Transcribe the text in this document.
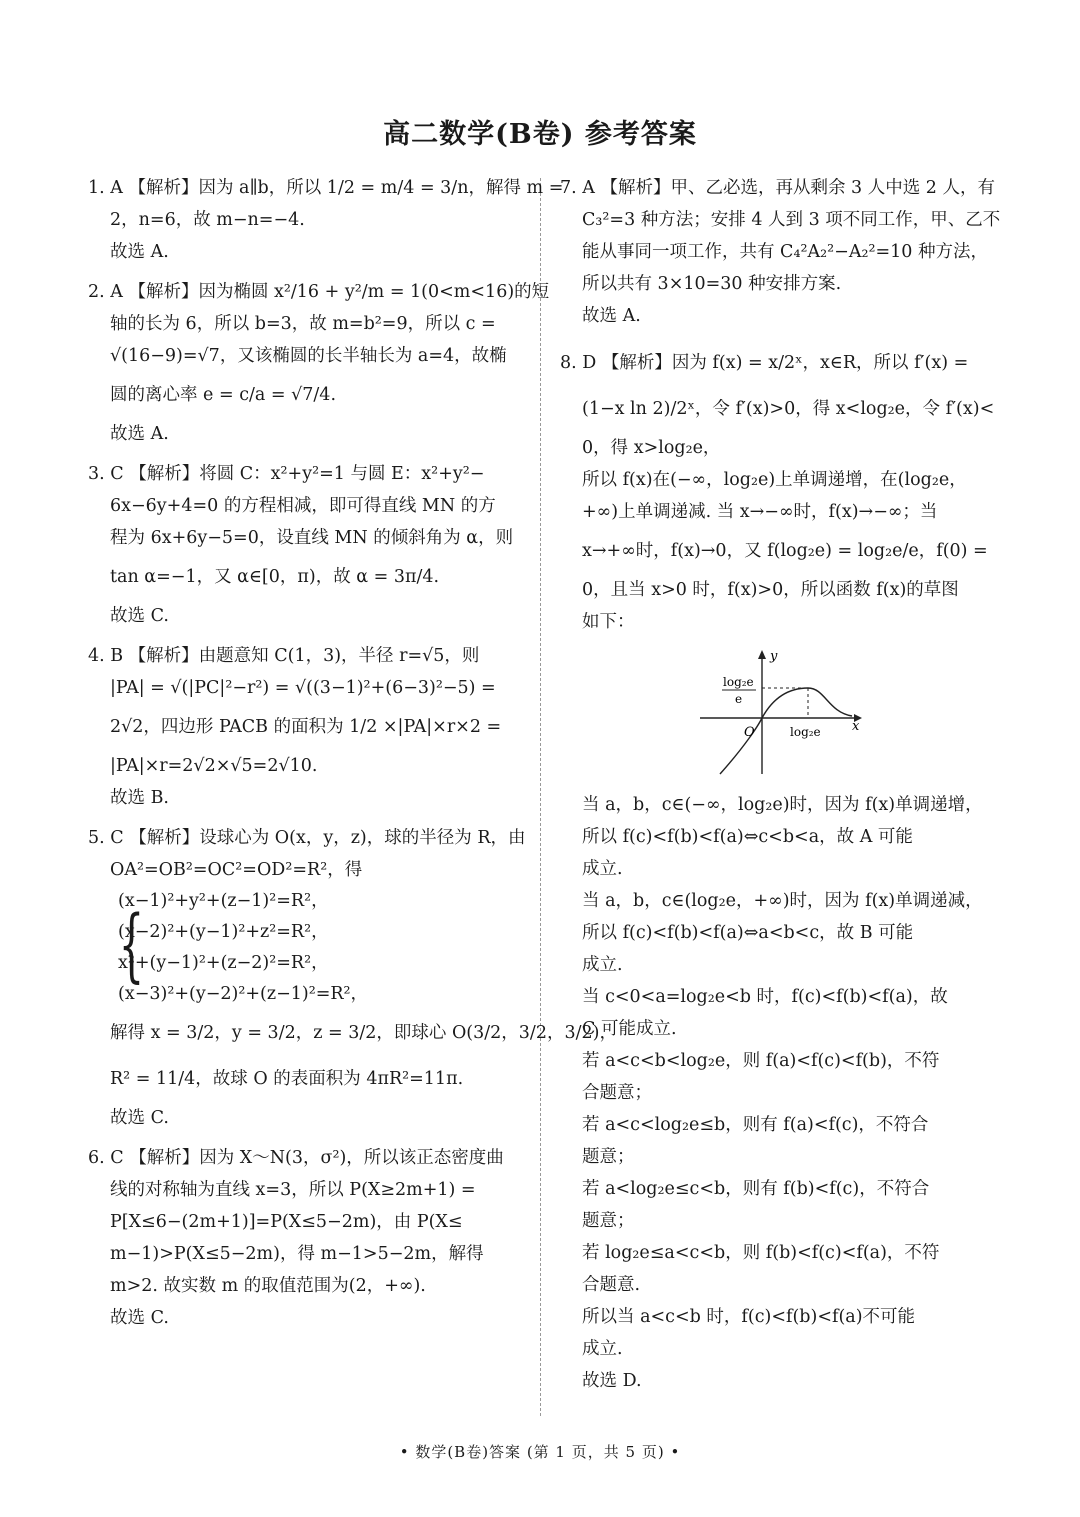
高二数学(B卷) 参考答案

1. A 【解析】因为 a∥b，所以 1/2 = m/4 = 3/n，解得 m =

2，n=6，故 m−n=−4.

故选 A.

2. A 【解析】因为椭圆 x²/16 + y²/m = 1(0<m<16)的短

轴的长为 6，所以 b=3，故 m=b²=9，所以 c =

√(16−9)=√7，又该椭圆的长半轴长为 a=4，故椭

圆的离心率 e = c/a = √7/4.

故选 A.

3. C 【解析】将圆 C：x²+y²=1 与圆 E：x²+y²−

6x−6y+4=0 的方程相减，即可得直线 MN 的方

程为 6x+6y−5=0，设直线 MN 的倾斜角为 α，则

tan α=−1，又 α∈[0，π)，故 α = 3π/4.

故选 C.

4. B 【解析】由题意知 C(1，3)，半径 r=√5，则

|PA| = √(|PC|²−r²) = √((3−1)²+(6−3)²−5) =

2√2，四边形 PACB 的面积为 1/2 ×|PA|×r×2 =

|PA|×r=2√2×√5=2√10.

故选 B.

5. C 【解析】设球心为 O(x，y，z)，球的半径为 R，由

OA²=OB²=OC²=OD²=R²，得

{

(x−1)²+y²+(z−1)²=R²，

(x−2)²+(y−1)²+z²=R²，

x²+(y−1)²+(z−2)²=R²，

(x−3)²+(y−2)²+(z−1)²=R²，

解得 x = 3/2，y = 3/2，z = 3/2，即球心 O(3/2，3/2，3/2)，

R² = 11/4，故球 O 的表面积为 4πR²=11π.

故选 C.

6. C 【解析】因为 X～N(3，σ²)，所以该正态密度曲

线的对称轴为直线 x=3，所以 P(X≥2m+1) =

P[X≤6−(2m+1)]=P(X≤5−2m)，由 P(X≤

m−1)>P(X≤5−2m)，得 m−1>5−2m，解得

m>2. 故实数 m 的取值范围为(2，+∞).

故选 C.

7. A 【解析】甲、乙必选，再从剩余 3 人中选 2 人，有

C₃²=3 种方法；安排 4 人到 3 项不同工作，甲、乙不

能从事同一项工作，共有 C₄²A₂²−A₂²=10 种方法，

所以共有 3×10=30 种安排方案.

故选 A.

8. D 【解析】因为 f(x) = x/2ˣ，x∈R，所以 f′(x) =

(1−x ln 2)/2ˣ，令 f′(x)>0，得 x<log₂e，令 f′(x)<

0，得 x>log₂e，

所以 f(x)在(−∞，log₂e)上单调递增，在(log₂e，

+∞)上单调递减. 当 x→−∞时，f(x)→−∞；当

x→+∞时，f(x)→0，又 f(log₂e) = log₂e/e，f(0) =

0，且当 x>0 时，f(x)>0，所以函数 f(x)的草图

如下：

y
x
O
log₂e
e
log₂e

当 a，b，c∈(−∞，log₂e)时，因为 f(x)单调递增，

所以 f(c)<f(b)<f(a)⇔c<b<a，故 A 可能

成立.

当 a，b，c∈(log₂e，+∞)时，因为 f(x)单调递减，

所以 f(c)<f(b)<f(a)⇔a<b<c，故 B 可能

成立.

当 c<0<a=log₂e<b 时，f(c)<f(b)<f(a)，故

C 可能成立.

若 a<c<b<log₂e，则 f(a)<f(c)<f(b)，不符

合题意；

若 a<c<log₂e≤b，则有 f(a)<f(c)，不符合

题意；

若 a<log₂e≤c<b，则有 f(b)<f(c)，不符合

题意；

若 log₂e≤a<c<b，则 f(b)<f(c)<f(a)，不符

合题意.

所以当 a<c<b 时，f(c)<f(b)<f(a)不可能

成立.

故选 D.

• 数学(B卷)答案 (第 1 页，共 5 页) •
